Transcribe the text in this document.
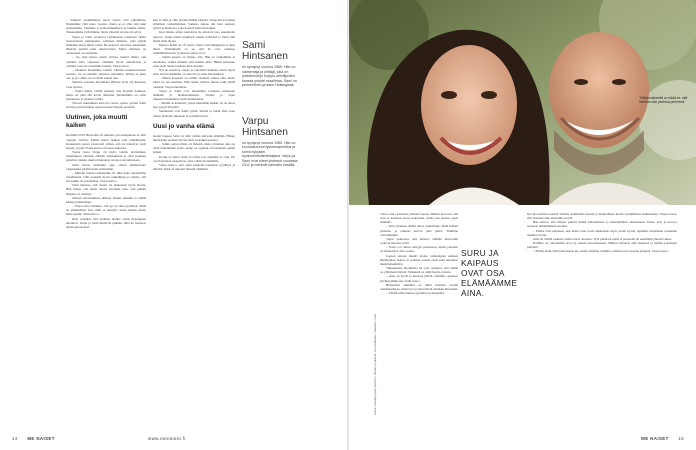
– Suhteen ensimmäisen puoli vuotta vain puhuimme. Nukuimme yhtä koko vuoden, mutta se ei ollut niin kuin ajattelemme. Tulimme jo kohtaisinmalleen ja kuinka emme. Tutustuimme ystäviimme, mutta yhteistä tavoite oli selvä.

Varpu ja Sami arvelevat löytäneensä toisistaan vähän tasavertaisen kumppanin, sellaisen ihmisen, joka pärjää elämässä myös ilman toista. He kokevat olevansa ennemmin läheisiä ystäviä kuin rakastavaisia. Myös huumori on olennainen osa suhdetta.

– Jos saisi katsoa meitä sivusta, meistä näkisi, että olemme kuin veljekset. Olemme hyvin samanlaisia ja olemme vuoroin toistemme tukena, Varpu sanoo.

– Olemme molemmat todella valmiita keskustelemaan asioista. Se on meidän yhteinen juttumme. Riitoja ei juuri ole, ja jos onkin, ne sovitaan saman tien.

Suurista sanoista huolimatta Hintsat eivät elä kuplassa vaan arjessa.

– Kyllä minua välillä jokunen asia ärsyttää Samissa, mutta en pidä sitä kovin tärkeänä. Molemmilla on omat luonteensa ja tapansa toimia.

Tuoreet kuulumiset kertovat tuosta ajasta, jolloin Sami aloitti ja puolet hänen ajastaan meni Varpun puolelle.

Uutinen, joka muutti kaiken

Keväällä 2016 Hintsoilla oli uutinen, jota kumpikaan ei ollut osannut odottaa. Elämä tuntui hetken vain rauhalliselta. Keskustelu palasi toistuvasti siihen, että he halusivat vielä lapsen, ja pian Varpu kertoi olevansa raskaana.

Tuona ilona Varpu oli myös valmis aloittamaan uudenlaisen yhteisen elämän. Kumpikaan ei ollut koskaan ajatellut, kuinka suuria muutoksia odotus toisi tullessaan.

Sami kuvaa kuitenkin ajan olleen mullistavan: raskausaika yhdisti heitä entisestään.

– Minulle Samin raskausaika oli ehkä koko suhteemme onnellisinta. Olin jotenkin hyvin rauhallinen ja tunsin, että nyt kaikki on kohdallaan, Varpu kertoo.

Sami muistaa, että odotus toi mukanaan myös huolta. Hän halusi olla läsnä, mutta huomasi pian, että pelkkä läsnäolo ei riittänyt.

Senaan sairastumisen jälkeen tilanne muuttui ja elämä kääntyi päälaelleen.

– Varpu sanoi minulle, että nyt on aika pysähtyä. Minä en ymmärtänyt heti, mitä se tarkoitti. Kesti hetken ennen kuin tajusin, Sami kertoo.

Kävi selväksi, että perheen tilanne vaatii molempien huomion. Varpu ja Sami miettivät pitkään, mitä he haluavat tehdä seuraavaksi.

kun ei ollut ja ollut yhtään mitään tärkeää. Varpu kuvaa hetkeä elämänsä vaikeimmaksi. Samana aikana tuli tieto uudesta työstä ja muutosta, joka koetteli heitä molempia.

Kun tilanne sitten rauhoittui, he alkoivat taas suunnitella tulevaa. Varpu halusi keskittyä omaan työhönsä ja Sami tuki häntä siinä täysin.

Ikäeroa heillä on 16 vuotta, mutta sitä kumpikaan ei juuri mieti. Tärkeämpää on se, että he ovat samassa elämäntilanteessa ja jakavat samat arvot.

– Samin kanssa on helppo olla. Hän on rauhallinen ja kuuntelee, vaikka minulla olisi kuinka kiire. Hänen kanssaan asiat eivät tunnu koskaan liian suurilta.

Nyt he nauttivat arjesta ja yhteisistä hetkistä, mutta myös siitä, että molemmilla on oma tila ja omat harrastukset.

– Minun kanssani on välillä varmaan vaikea elää, mutta Sami on sen kestänyt. Hän tietää, milloin minua pitää jättää rauhaan, Varpu naurahtaa.

Varpu ja Sami ovat molemmat tottuneet kiireiseen elämään ja matkustamiseen. Töiden ja arjen yhteensovittaminen vaatii suunnittelua.

– Meillä on kalenteri, johon merkitään kaikki. Se on ainoa tapa pysyä kärryillä.

Sunnuntait ovat heille pyhiä. Silloin ei tehdä töitä vaan ollaan yhdessä, liikutaan ja syödään hyvin.

Uusi jo vanha elämä

Kesän lopussa Sami on ollut valmis tulevaan elämään. Hänen mielestään perheen hyvinvointi on kaiken perusta.

– Samin paluu töihin oli tärkeää, mutta yhteinen aika on vielä tärkeämpää. Koko perhe on oppinut arvostamaan pieniä hetkiä.

Kotiin on tullut rauha ja rytmi, jota aiemmin ei ollut. He ovat löytäneet tasapainon, joka toimii molemmille.

Varpu kertoo, että arjen keskellä kannattaa pysähtyä ja miettiä, mikä on oikeasti tärkeää elämässä.

Sami Hintsanen
on syntynyt vuonna 1969. Hän on valmentaja ja yrittäjä, joka on työskennellyt huippu-urheilijoiden kanssa ympäri maailmaa. Sami on perheellinen ja asuu Helsingissä.
Varpu Hintsanen
on syntynyt vuonna 1985. Hän on kouluttautunut fysioterapeutiksi ja toimii nykyään hyvinvointivalmentajana. Varpu ja Sami ovat olleet yhdessä vuodesta 2011 ja menivät naimisiin kesällä.
14 ME NAISET	www.menaiset.fi
"Vähimmäisenää on eikää se, että olemme ollut yhdessä perheenä."
Kuvat: Kuvaaja Sami Nyholm • Meikki ja hiukset: Anna Mäkelä • Vaatteet: omat

vahva, että on käsissä yhteistä vuosia. Hintsat kertovat, että suru ei koskaan katoa kokonaan, mutta sen kanssa oppii elämään.

– Kun yhteinen elämä alkoi, halusimme tehdä kaiken yhdessä, ja rakkaus kasvoi joka päivä. Tulimme vahvemmiksi.

Varpu painottaa, että muistot elämän muotoihin vaativat tietoista työtä.

– Toista voi auttaa tiettyyn pisteeseen, mutta jokaisen on kannettava oma osansa.

Lapsen sairaus muutti monta vanhempien suhteen lähtökohtaa. Ikäero ja erilaiset taustat eivät enää tuntuneet merkityksellisiltä.

Vaikeuksista huolimatta he ovat oppineet, että elämä on yllätyksiä täynnä. Tärkeintä on pitää huolta toisista.

– Aina on hyviä ja huonoja päiviä. Olemme oppineet hyväksymään sen, Sami sanoo.

Hintsasten elämästä on tullut monella tavalla rauhallisempaa, mutta työ ja arki pitävät edelleen kiireisinä.

– Välillä pitää muistaa pysähtyä ja hengittää.

SURU JA KAIPAUS OVAT OSA ELÄMÄÄMME AINA.

Nyt koronavirus perusti Samilla sentiminen itsensä ja mahdollisen kotona pärjäämisen kuukausiksi. Varpu toteaa, että yhteinen aika teki heille hyvää.

Hän kertoo, että tilanne pakotti heidät hidastamaan ja keskittymään olennaiseen. Perhe, koti ja terveys nousivat tärkeimmiksi asioiksi.

– Emme olisi uskoneet, että kriisi voisi tuoda mukanaan myös jotain hyvää. Opimme tuntemaan toisemme uudella tavalla.

Arki oli välillä raskasta, mutta myös antoisaa. Työt jatkuivat etänä ja perheelle jäi enemmän yhteistä aikaa.

Kalliilla on vahvemmat arvot ja suunta tulevaisuuteen. Hintsat haluavat elää hetkessä ja nauttia jokaisesta päivästä.

– Emme tiedä, mitä tulevaisuus tuo, mutta olemme valmiita ottamaan sen vastaan yhdessä, Varpu sanoo.

ME NAISET 15
